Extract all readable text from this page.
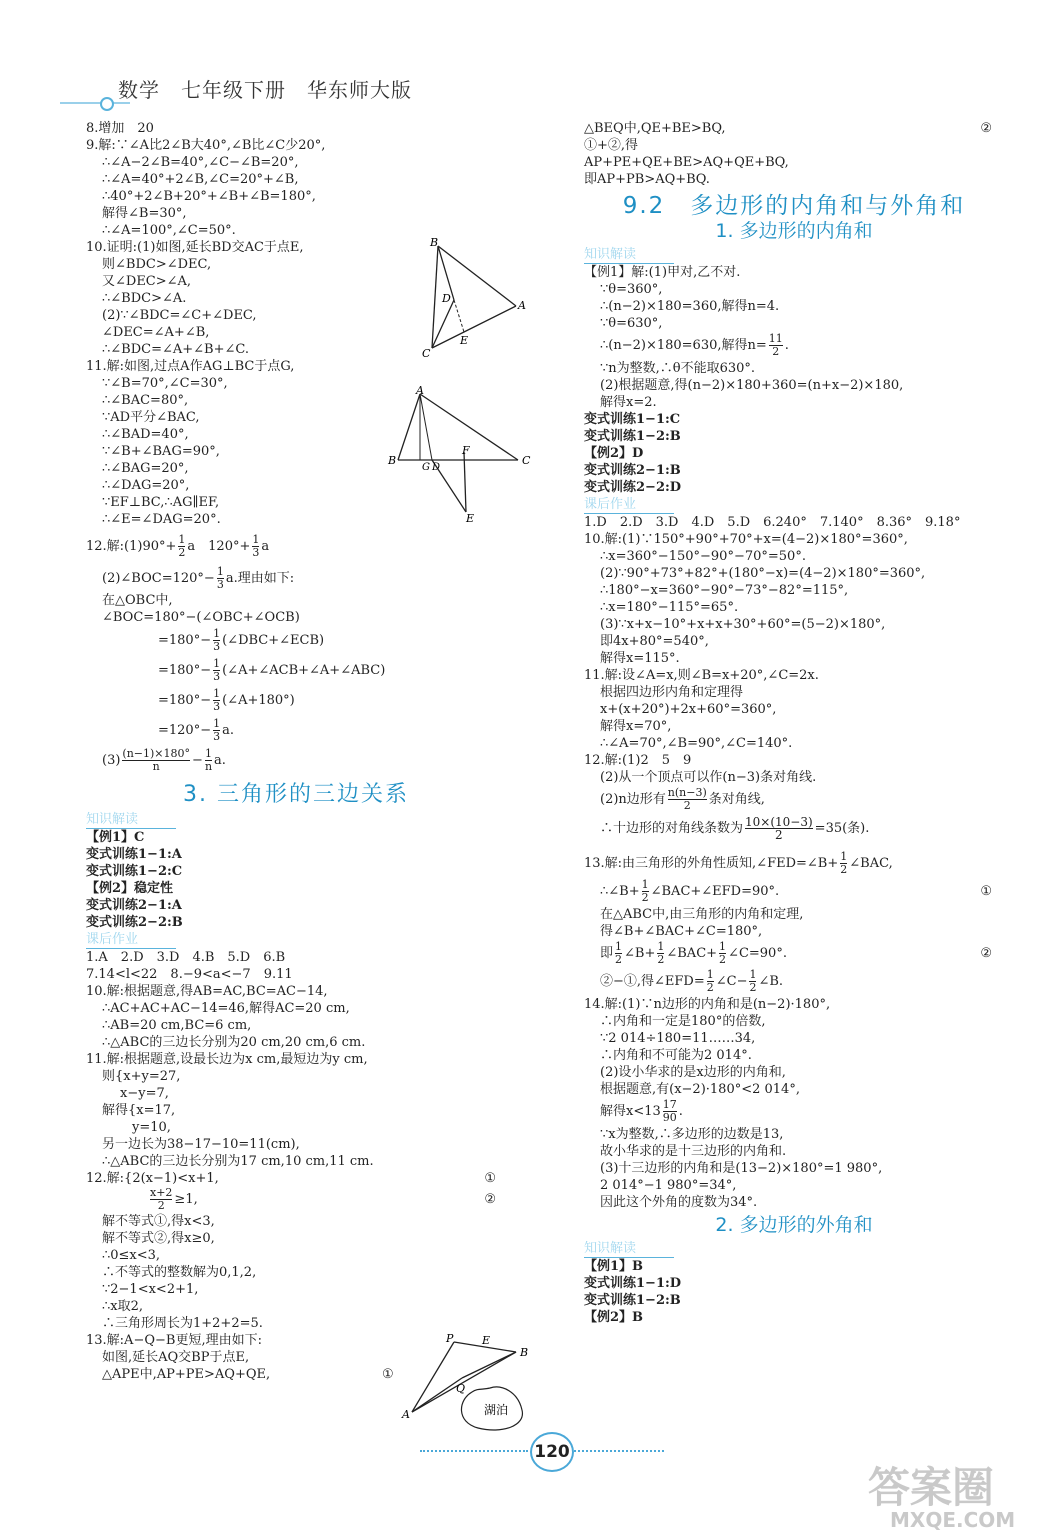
数学　七年级下册　华东师大版
8.增加　20
9.解:∵∠A比2∠B大40°,∠B比∠C少20°,
∴∠A−2∠B=40°,∠C−∠B=20°,
∴∠A=40°+2∠B,∠C=20°+∠B,
∴40°+2∠B+20°+∠B+∠B=180°,
解得∠B=30°,
∴∠A=100°,∠C=50°.
10.证明:(1)如图,延长BD交AC于点E,
则∠BDC>∠DEC,
又∠DEC>∠A,
∴∠BDC>∠A.
(2)∵∠BDC=∠C+∠DEC,
∠DEC=∠A+∠B,
∴∠BDC=∠A+∠B+∠C.
11.解:如图,过点A作AG⊥BC于点G,
∵∠B=70°,∠C=30°,
∴∠BAC=80°,
∵AD平分∠BAC,
∴∠BAD=40°,
∵∠B+∠BAG=90°,
∴∠BAG=20°,
∴∠DAG=20°,
∵EF⊥BC,∴AG∥EF,
∴∠E=∠DAG=20°.
12.解:(1)90°+ $\frac{1}{2}$ a　$120^\circ+ \frac{1}{3}$ a
(2)∠BOC=120°− $\frac{1}{3} a$.理由如下:
在△OBC中,
∠BOC=180°−(∠OBC+∠OCB)
$=180^\circ- \frac{1}{3}$ (∠DBC+∠ECB)
$=180^\circ- \frac{1}{3}$ (∠A+∠ACB+∠A+∠ABC)
$=180^\circ- \frac{1}{3}$ (∠A+180°)
$=120^\circ- \frac{1}{3} a$.
$(3) \frac{(n-1)\times 180^\circ}{n} - \frac{1}{n} a$.
3. 三角形的三边关系
知识解读
【例1】C
变式训练1−1:A
变式训练1−2:C
【例2】稳定性
变式训练2−1:A
变式训练2−2:B
课后作业
1.A　2.D　3.D　4.B　5.D　6.B
7.14<l<22　8.−9<a<−7　9.11
10.解:根据题意,得AB=AC,BC=AC−14,
∴AC+AC+AC−14=46,解得AC=20 cm,
∴AB=20 cm,BC=6 cm,
∴△ABC的三边长分别为20 cm,20 cm,6 cm.
11.解:根据题意,设最长边为x cm,最短边为y cm,
则{x+y=27,
x−y=7,
解得{x=17,
y=10,
另一边长为38−17−10=11(cm),
∴△ABC的三边长分别为17 cm,10 cm,11 cm.
12.解:{2(x−1)<x+1,	①
$\frac{x+2}{2} \ge 1$,	②
解不等式①,得x<3,
解不等式②,得x≥0,
∴0≤x<3,
∴不等式的整数解为0,1,2,
∵2−1<x<2+1,
∴x取2,
∴三角形周长为1+2+2=5.
13.解:A−Q−B更短,理由如下:
如图,延长AQ交BP于点E,
△APE中,AP+PE>AQ+QE,	①
B
A
C
D
E
A
B	C
G D
F
E
P	E
B
Q
A	湖泊
△BEQ中,QE+BE>BQ,	②
①+②,得
AP+PE+QE+BE>AQ+QE+BQ,
即AP+PB>AQ+BQ.
9.2　多边形的内角和与外角和
1. 多边形的内角和
知识解读
【例1】解:(1)甲对,乙不对.
∵θ=360°,
∴(n−2)×180=360,解得n=4.
∵θ=630°,
∴(n−2)×180=630,解得$n= \frac{11}{2}$ .
∵n为整数,∴θ不能取630°.
(2)根据题意,得(n−2)×180+360=(n+x−2)×180,
解得x=2.
变式训练1−1:C
变式训练1−2:B
【例2】D
变式训练2−1:B
变式训练2−2:D
课后作业
1.D　2.D　3.D　4.D　5.D　6.240°　7.140°　8.36°　9.18°
10.解:(1)∵150°+90°+70°+x=(4−2)×180°=360°,
∴x=360°−150°−90°−70°=50°.
(2)∵90°+73°+82°+(180°−x)=(4−2)×180°=360°,
∴180°−x=360°−90°−73°−82°=115°,
∴x=180°−115°=65°.
(3)∵x+x−10°+x+x+30°+60°=(5−2)×180°,
即4x+80°=540°,
解得x=115°.
11.解:设∠A=x,则∠B=x+20°,∠C=2x.
根据四边形内角和定理得
x+(x+20°)+2x+60°=360°,
解得x=70°,
∴∠A=70°,∠B=90°,∠C=140°.
12.解:(1)2　5　9
(2)从一个顶点可以作(n−3)条对角线.
(2)n边形有 $\frac{n(n-3)}{2}$ 条对角线,
∴十边形的对角线条数为 $\frac{10\times(10-3)}{2} =35$(条).
13.解:由三角形的外角性质知,∠FED=∠B+ $\frac{1}{2}$ ∠BAC,
∴∠B+ $\frac{1}{2}$ ∠BAC+∠EFD=90°.	①
在△ABC中,由三角形的内角和定理,
得∠B+∠BAC+∠C=180°,
即 $\frac{1}{2}$ ∠B+ $\frac{1}{2}$ ∠BAC+ $\frac{1}{2}$ ∠C=90°.	②
②−①,得∠EFD= $\frac{1}{2}$ ∠C− $\frac{1}{2}$ ∠B.
14.解:(1)∵n边形的内角和是(n−2)·180°,
∴内角和一定是180°的倍数,
∵2 014÷180=11……34,
∴内角和不可能为2 014°.
(2)设小华求的是x边形的内角和,
根据题意,有(x−2)·180°<2 014°,
解得$x<13 \frac{17}{90}$ .
∵x为整数,∴多边形的边数是13,
故小华求的是十三边形的内角和.
(3)十三边形的内角和是(13−2)×180°=1 980°,
2 014°−1 980°=34°,
因此这个外角的度数为34°.
2. 多边形的外角和
知识解读
【例1】B
变式训练1−1:D
变式训练1−2:B
【例2】B
120
答案圈
MXQE.COM
